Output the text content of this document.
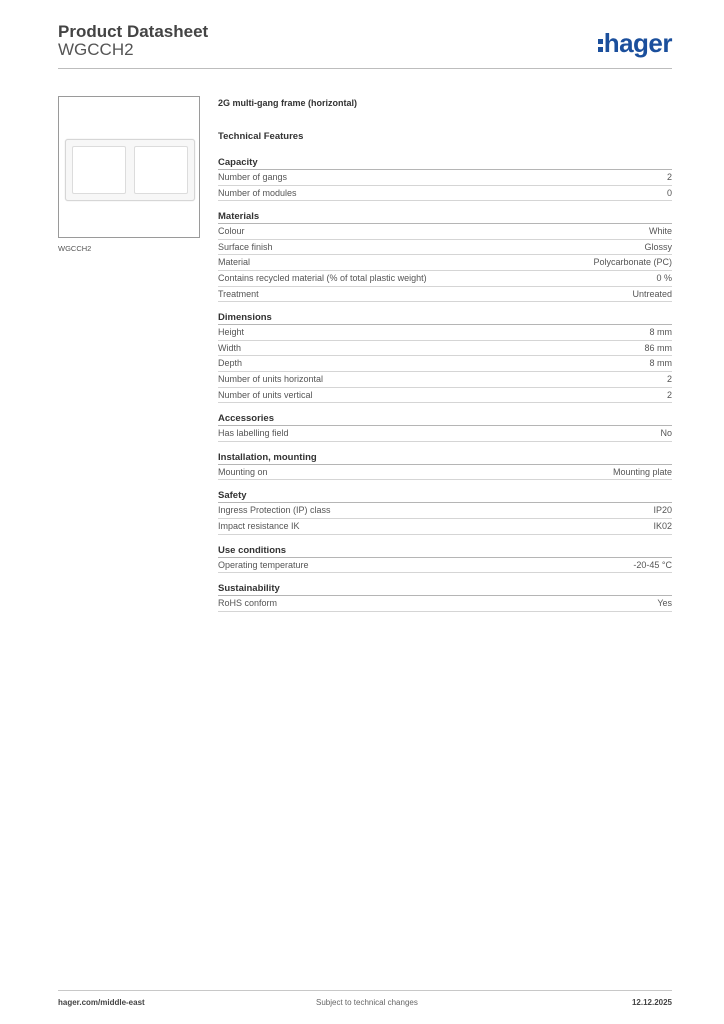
Product Datasheet
WGCCH2	hager
WGCCH2
2G multi-gang frame (horizontal)
Technical Features
Capacity
Number of gangs	2
Number of modules	0
Materials
Colour	White
Surface finish	Glossy
Material	Polycarbonate (PC)
Contains recycled material (% of total plastic weight)	0 %
Treatment	Untreated
Dimensions
Height	8 mm
Width	86 mm
Depth	8 mm
Number of units horizontal	2
Number of units vertical	2
Accessories
Has labelling field	No
Installation, mounting
Mounting on	Mounting plate
Safety
Ingress Protection (IP) class	IP20
Impact resistance IK	IK02
Use conditions
Operating temperature	-20-45 °C
Sustainability
RoHS conform	Yes
hager.com/middle-east	Subject to technical changes	12.12.2025
